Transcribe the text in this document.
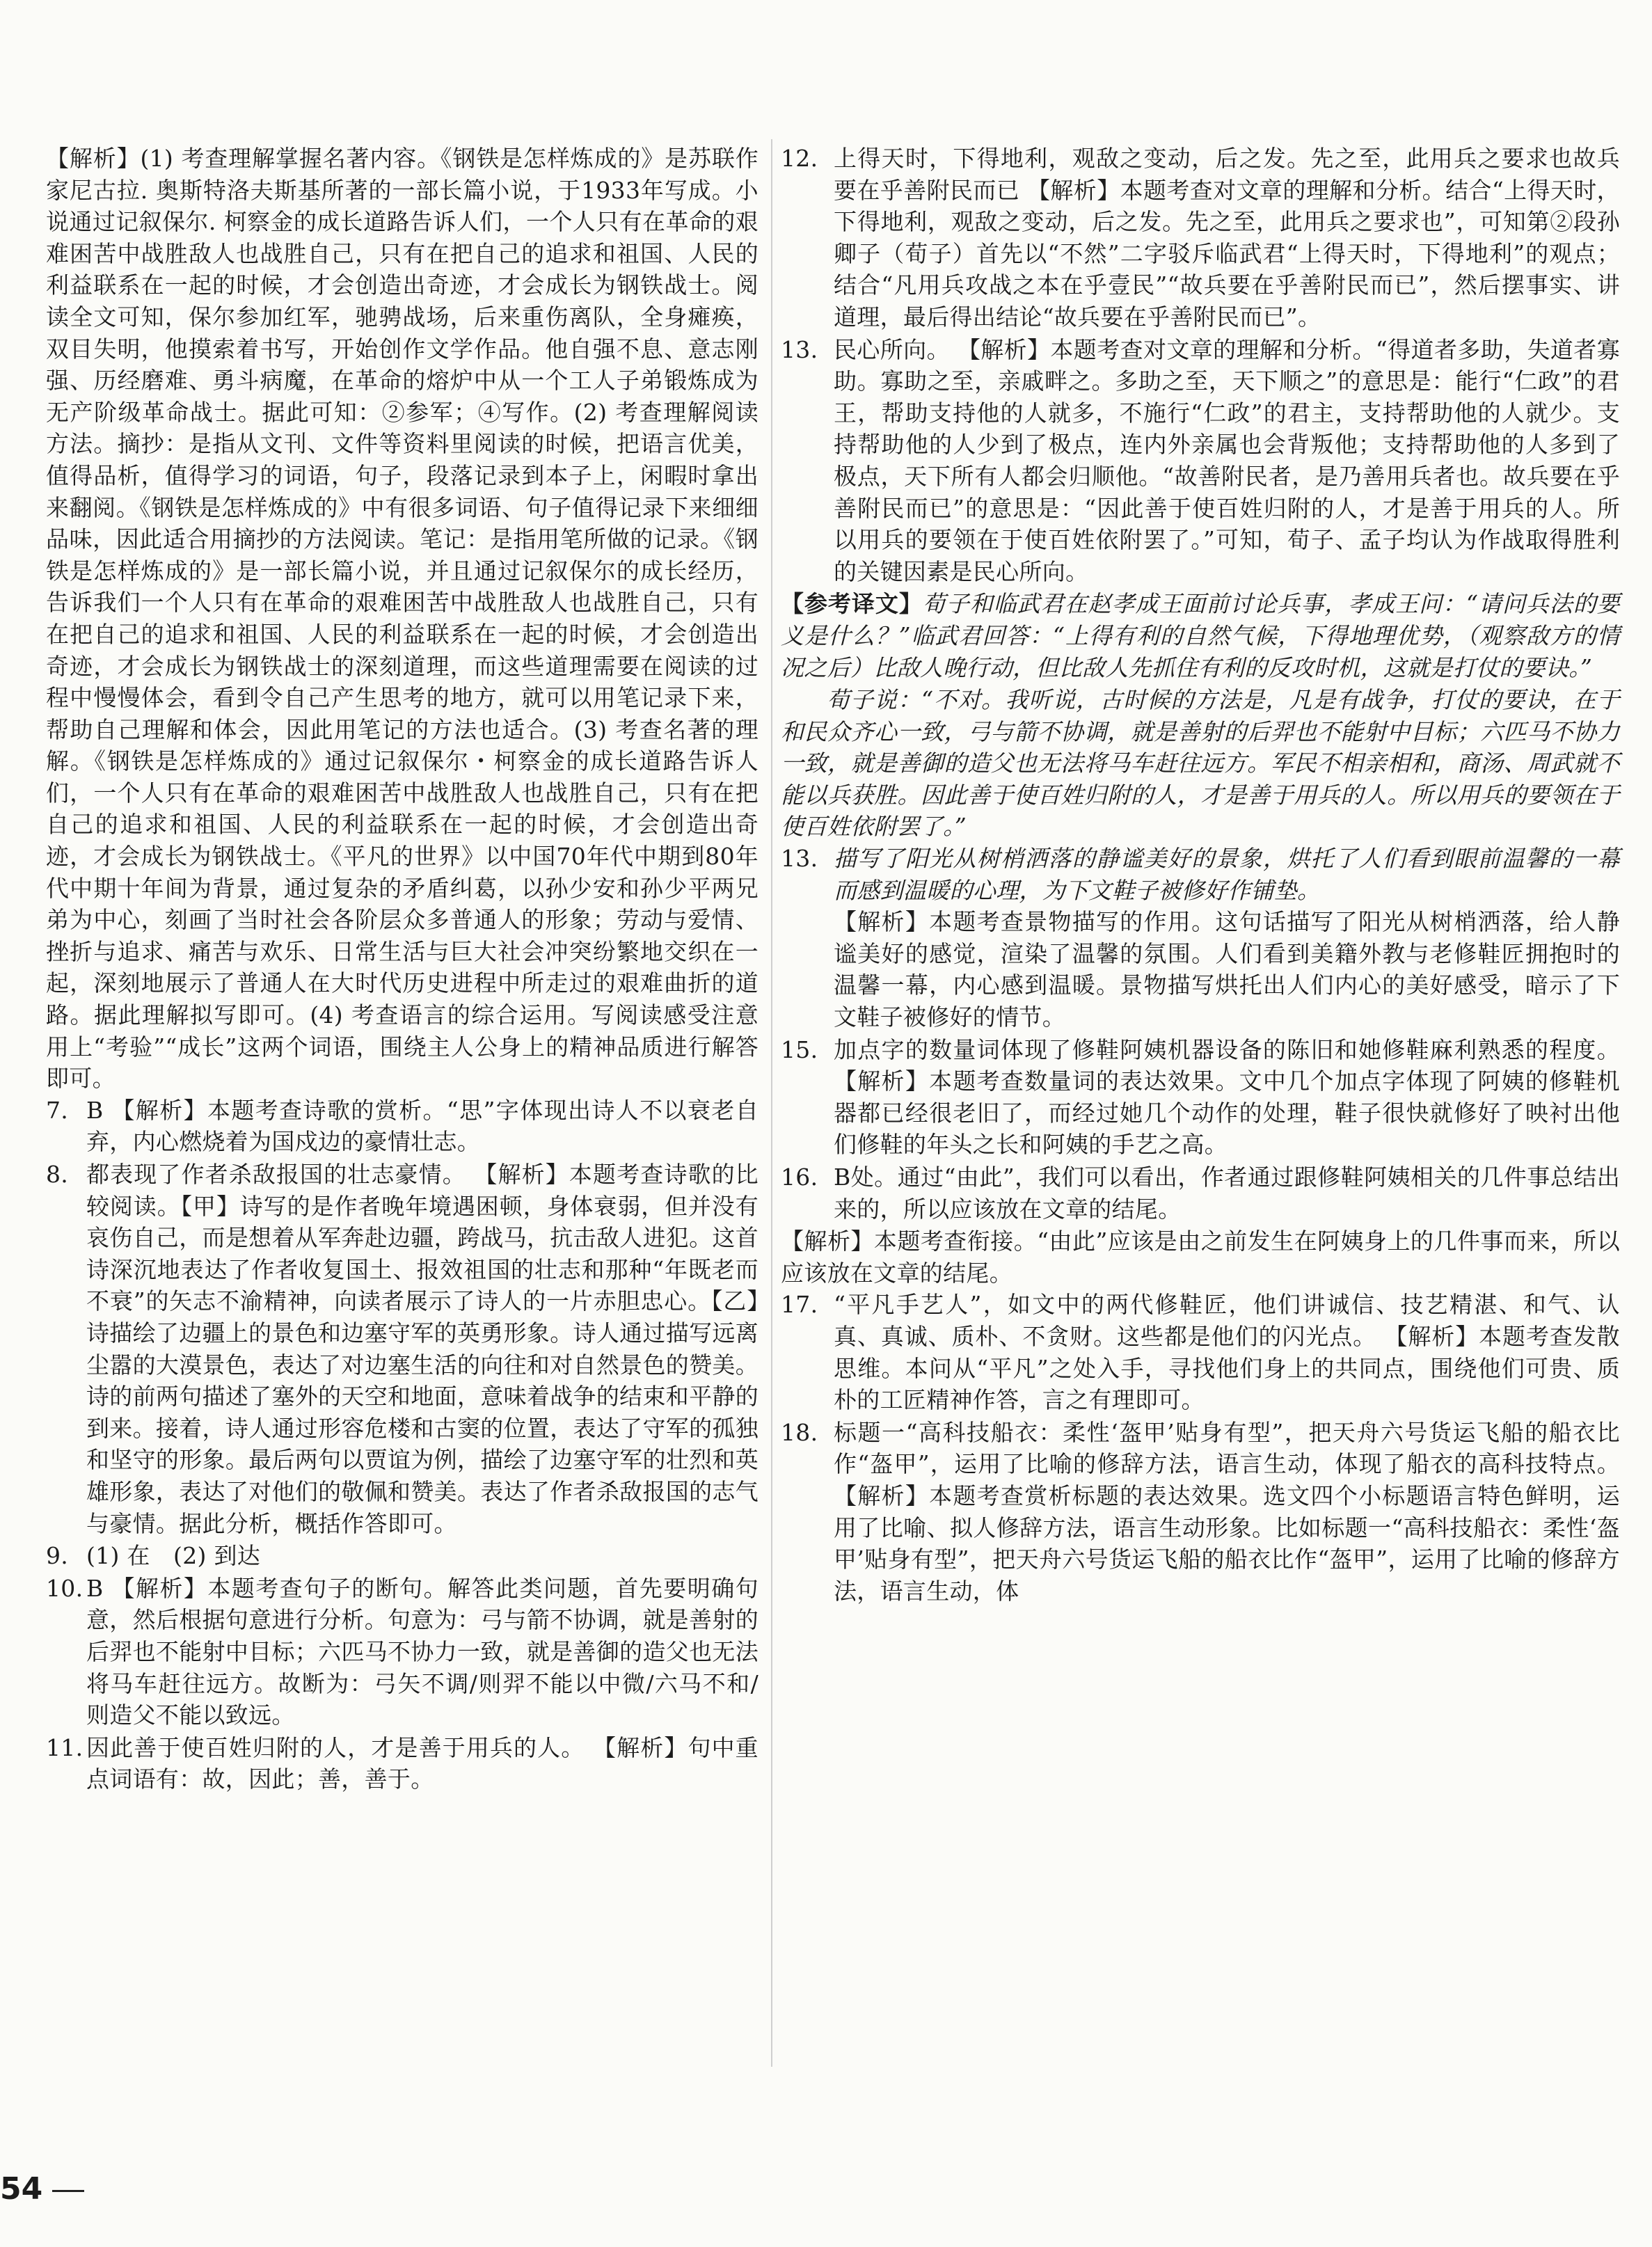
【解析】(1) 考查理解掌握名著内容。《钢铁是怎样炼成的》是苏联作家尼古拉. 奥斯特洛夫斯基所著的一部长篇小说，于1933年写成。小说通过记叙保尔. 柯察金的成长道路告诉人们，一个人只有在革命的艰难困苦中战胜敌人也战胜自己，只有在把自己的追求和祖国、人民的利益联系在一起的时候，才会创造出奇迹，才会成长为钢铁战士。阅读全文可知，保尔参加红军，驰骋战场，后来重伤离队，全身瘫痪，双目失明，他摸索着书写，开始创作文学作品。他自强不息、意志刚强、历经磨难、勇斗病魔，在革命的熔炉中从一个工人子弟锻炼成为无产阶级革命战士。据此可知：②参军；④写作。(2) 考查理解阅读方法。摘抄：是指从文刊、文件等资料里阅读的时候，把语言优美，值得品析，值得学习的词语，句子，段落记录到本子上，闲暇时拿出来翻阅。《钢铁是怎样炼成的》中有很多词语、句子值得记录下来细细品味，因此适合用摘抄的方法阅读。笔记：是指用笔所做的记录。《钢铁是怎样炼成的》是一部长篇小说，并且通过记叙保尔的成长经历，告诉我们一个人只有在革命的艰难困苦中战胜敌人也战胜自己，只有在把自己的追求和祖国、人民的利益联系在一起的时候，才会创造出奇迹，才会成长为钢铁战士的深刻道理，而这些道理需要在阅读的过程中慢慢体会，看到令自己产生思考的地方，就可以用笔记录下来，帮助自己理解和体会，因此用笔记的方法也适合。(3) 考查名著的理解。《钢铁是怎样炼成的》通过记叙保尔・柯察金的成长道路告诉人们，一个人只有在革命的艰难困苦中战胜敌人也战胜自己，只有在把自己的追求和祖国、人民的利益联系在一起的时候，才会创造出奇迹，才会成长为钢铁战士。《平凡的世界》以中国70年代中期到80年代中期十年间为背景，通过复杂的矛盾纠葛，以孙少安和孙少平两兄弟为中心，刻画了当时社会各阶层众多普通人的形象；劳动与爱情、挫折与追求、痛苦与欢乐、日常生活与巨大社会冲突纷繁地交织在一起，深刻地展示了普通人在大时代历史进程中所走过的艰难曲折的道路。据此理解拟写即可。(4) 考查语言的综合运用。写阅读感受注意用上“考验”“成长”这两个词语，围绕主人公身上的精神品质进行解答即可。

7. B 【解析】本题考查诗歌的赏析。“思”字体现出诗人不以衰老自弃，内心燃烧着为国戍边的豪情壮志。
8. 都表现了作者杀敌报国的壮志豪情。 【解析】本题考查诗歌的比较阅读。【甲】诗写的是作者晚年境遇困顿，身体衰弱，但并没有哀伤自己，而是想着从军奔赴边疆，跨战马，抗击敌人进犯。这首诗深沉地表达了作者收复国土、报效祖国的壮志和那种“年既老而不衰”的矢志不渝精神，向读者展示了诗人的一片赤胆忠心。【乙】诗描绘了边疆上的景色和边塞守军的英勇形象。诗人通过描写远离尘嚣的大漠景色，表达了对边塞生活的向往和对自然景色的赞美。诗的前两句描述了塞外的天空和地面，意味着战争的结束和平静的到来。接着，诗人通过形容危楼和古窦的位置，表达了守军的孤独和坚守的形象。最后两句以贾谊为例，描绘了边塞守军的壮烈和英雄形象，表达了对他们的敬佩和赞美。表达了作者杀敌报国的志气与豪情。据此分析，概括作答即可。
9. (1) 在　(2) 到达
10. B 【解析】本题考查句子的断句。解答此类问题，首先要明确句意，然后根据句意进行分析。句意为：弓与箭不协调，就是善射的后羿也不能射中目标；六匹马不协力一致，就是善御的造父也无法将马车赶往远方。故断为：弓矢不调/则羿不能以中微/六马不和/则造父不能以致远。
11. 因此善于使百姓归附的人，才是善于用兵的人。 【解析】句中重点词语有：故，因此；善，善于。
12. 上得天时，下得地利，观敌之变动，后之发。先之至，此用兵之要求也故兵要在乎善附民而已 【解析】本题考查对文章的理解和分析。结合“上得天时，下得地利，观敌之变动，后之发。先之至，此用兵之要求也”，可知第②段孙卿子（荀子）首先以“不然”二字驳斥临武君“上得天时，下得地利”的观点；结合“凡用兵攻战之本在乎壹民”“故兵要在乎善附民而已”，然后摆事实、讲道理，最后得出结论“故兵要在乎善附民而已”。
13. 民心所向。 【解析】本题考查对文章的理解和分析。“得道者多助，失道者寡助。寡助之至，亲戚畔之。多助之至，天下顺之”的意思是：能行“仁政”的君王，帮助支持他的人就多，不施行“仁政”的君主，支持帮助他的人就少。支持帮助他的人少到了极点，连内外亲属也会背叛他；支持帮助他的人多到了极点，天下所有人都会归顺他。“故善附民者，是乃善用兵者也。故兵要在乎善附民而已”的意思是：“因此善于使百姓归附的人，才是善于用兵的人。所以用兵的要领在于使百姓依附罢了。”可知，荀子、孟子均认为作战取得胜利的关键因素是民心所向。
【参考译文】荀子和临武君在赵孝成王面前讨论兵事，孝成王问：“请问兵法的要义是什么？”临武君回答：“上得有利的自然气候，下得地理优势，（观察敌方的情况之后）比敌人晚行动，但比敌人先抓住有利的反攻时机，这就是打仗的要诀。”

荀子说：“不对。我听说，古时候的方法是，凡是有战争，打仗的要诀，在于和民众齐心一致，弓与箭不协调，就是善射的后羿也不能射中目标；六匹马不协力一致，就是善御的造父也无法将马车赶往远方。军民不相亲相和，商汤、周武就不能以兵获胜。因此善于使百姓归附的人，才是善于用兵的人。所以用兵的要领在于使百姓依附罢了。”

13. 描写了阳光从树梢洒落的静谧美好的景象，烘托了人们看到眼前温馨的一幕而感到温暖的心理，为下文鞋子被修好作铺垫。
【解析】本题考查景物描写的作用。这句话描写了阳光从树梢洒落，给人静谧美好的感觉，渲染了温馨的氛围。人们看到美籍外教与老修鞋匠拥抱时的温馨一幕，内心感到温暖。景物描写烘托出人们内心的美好感受，暗示了下文鞋子被修好的情节。
15. 加点字的数量词体现了修鞋阿姨机器设备的陈旧和她修鞋麻利熟悉的程度。 【解析】本题考查数量词的表达效果。文中几个加点字体现了阿姨的修鞋机器都已经很老旧了，而经过她几个动作的处理，鞋子很快就修好了映衬出他们修鞋的年头之长和阿姨的手艺之高。
16. B处。通过“由此”，我们可以看出，作者通过跟修鞋阿姨相关的几件事总结出来的，所以应该放在文章的结尾。

【解析】本题考查衔接。“由此”应该是由之前发生在阿姨身上的几件事而来，所以应该放在文章的结尾。

17. “平凡手艺人”，如文中的两代修鞋匠，他们讲诚信、技艺精湛、和气、认真、真诚、质朴、不贪财。这些都是他们的闪光点。 【解析】本题考查发散思维。本问从“平凡”之处入手，寻找他们身上的共同点，围绕他们可贵、质朴的工匠精神作答，言之有理即可。
18. 标题一“高科技船衣：柔性‘盔甲’贴身有型”，把天舟六号货运飞船的船衣比作“盔甲”，运用了比喻的修辞方法，语言生动，体现了船衣的高科技特点。 【解析】本题考查赏析标题的表达效果。选文四个小标题语言特色鲜明，运用了比喻、拟人修辞方法，语言生动形象。比如标题一“高科技船衣：柔性‘盔甲’贴身有型”，把天舟六号货运飞船的船衣比作“盔甲”，运用了比喻的修辞方法，语言生动，体
54
